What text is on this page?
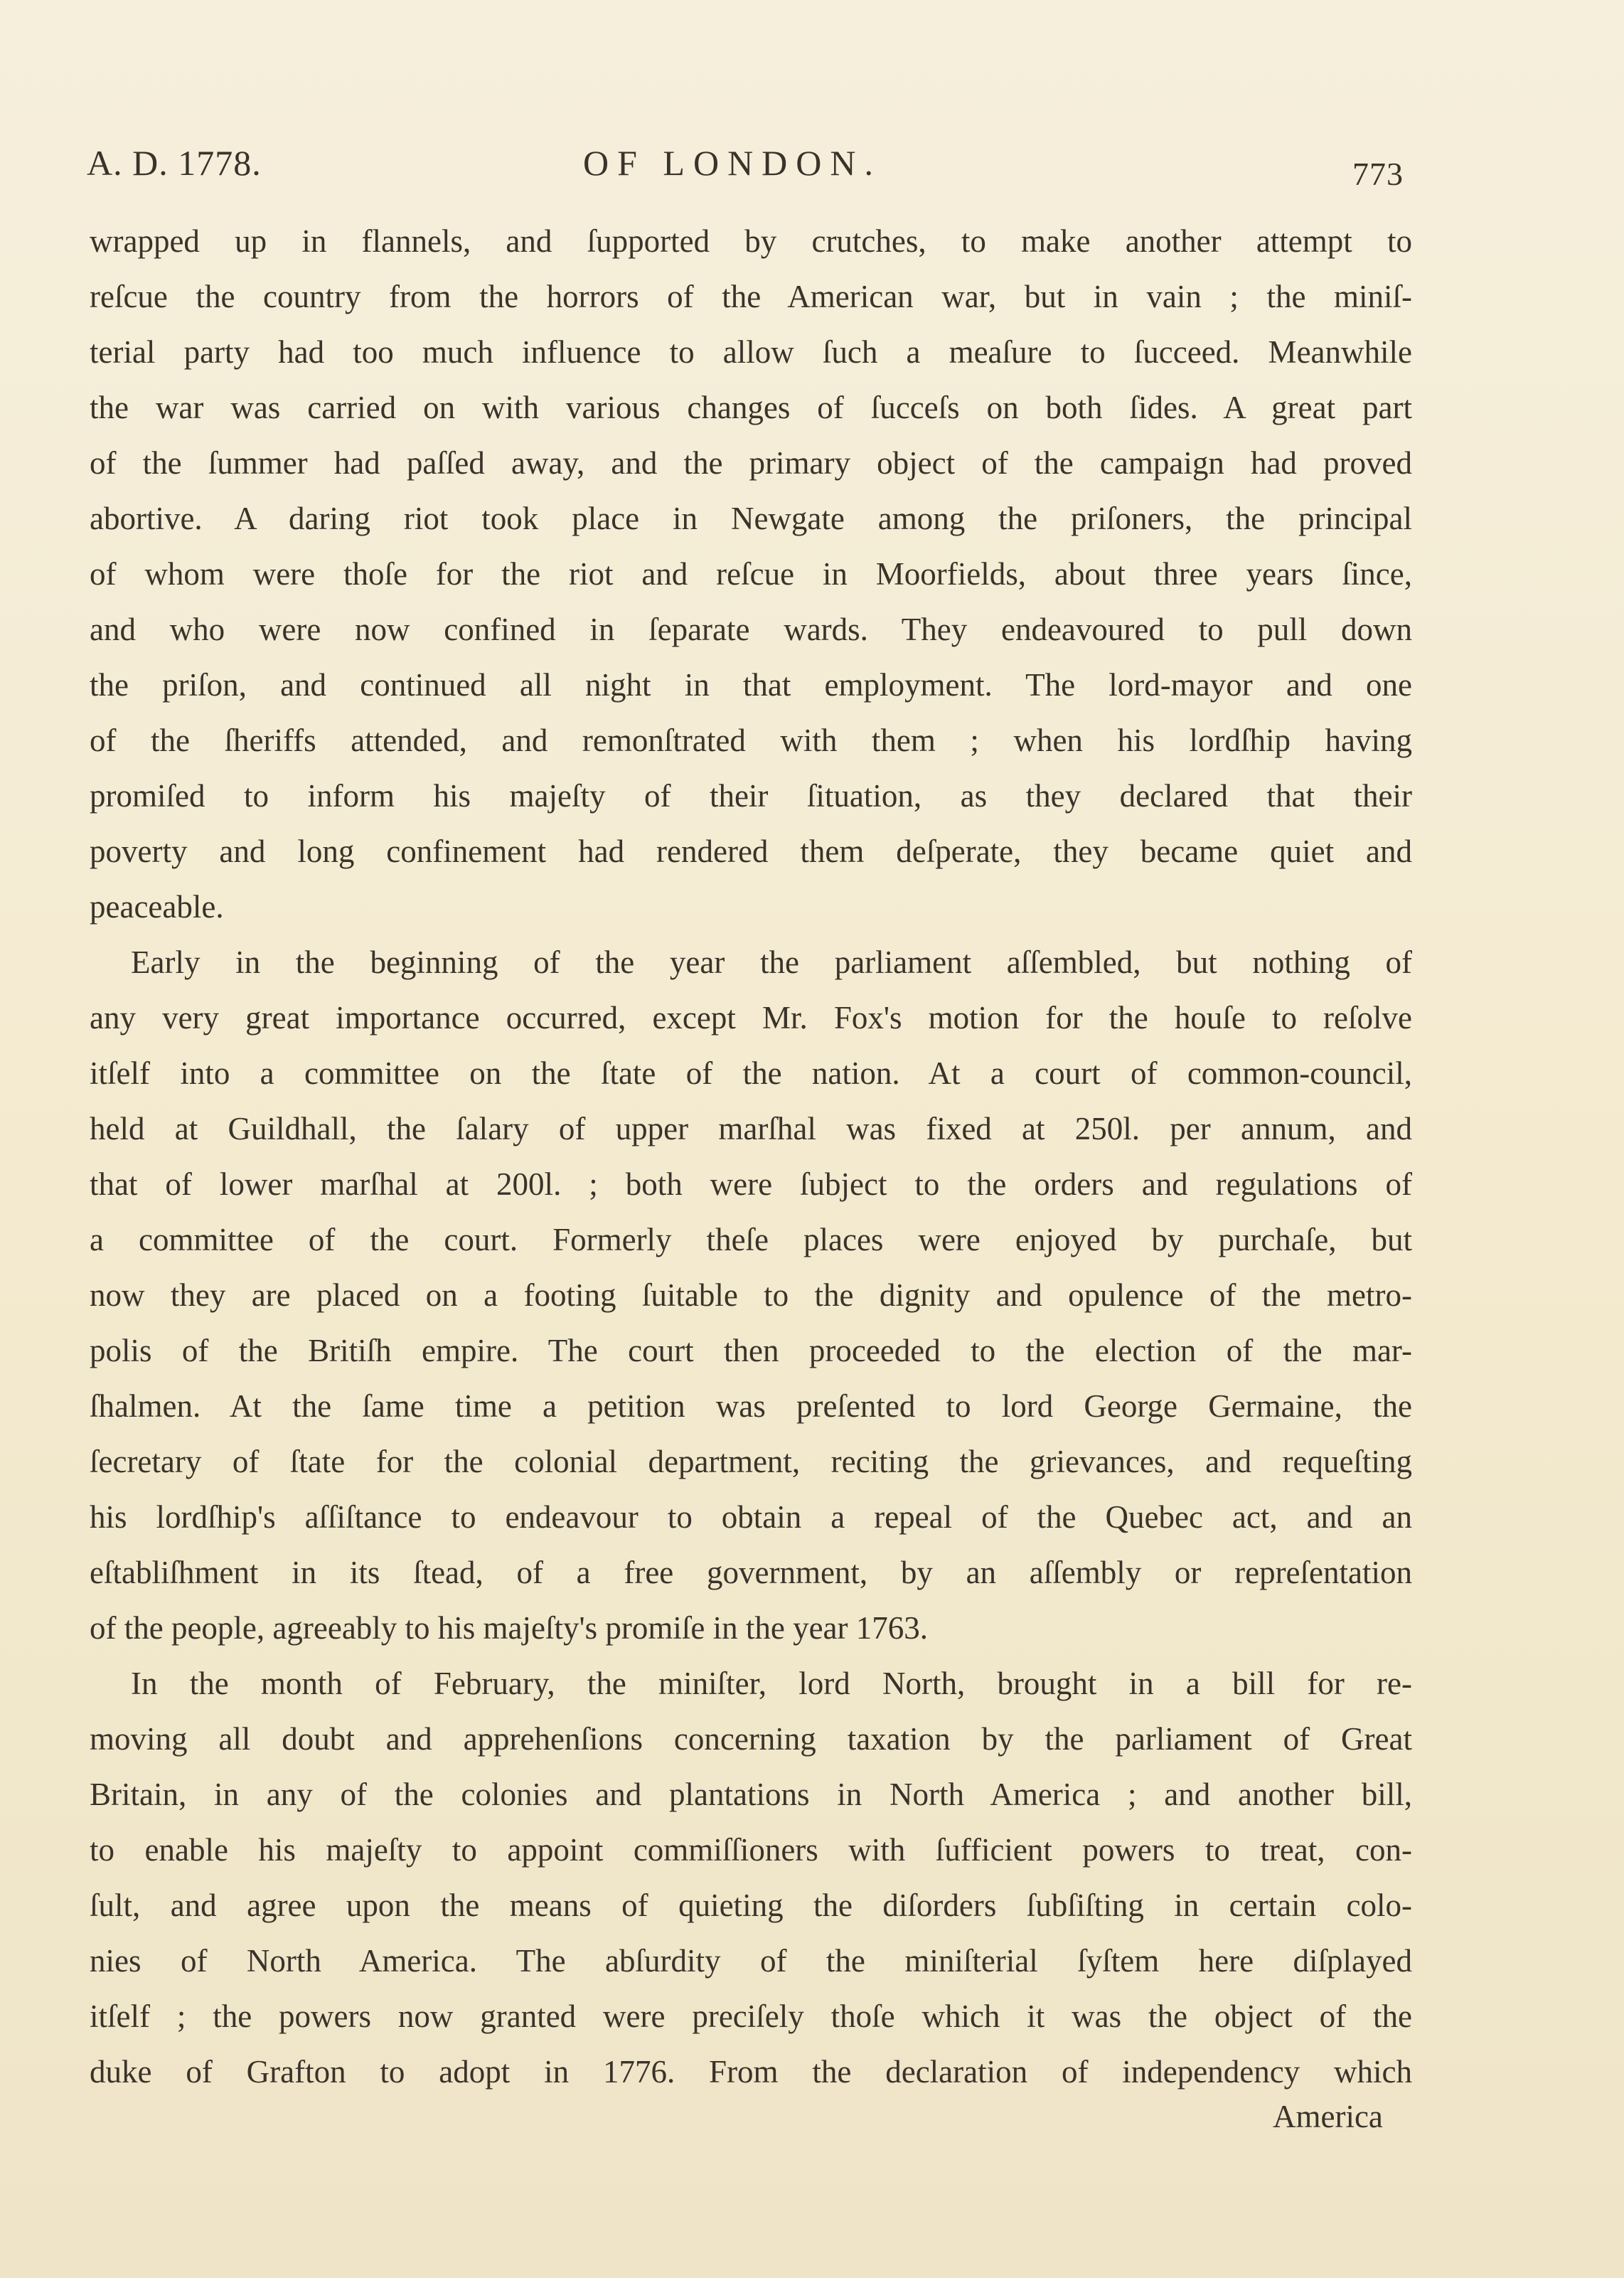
A. D. 1778.	OF LONDON.	773
wrapped up in flannels, and ſupported by crutches, to make another attempt to
reſcue the country from the horrors of the American war, but in vain ; the miniſ-
terial party had too much influence to allow ſuch a meaſure to ſucceed. Meanwhile
the war was carried on with various changes of ſucceſs on both ſides. A great part
of the ſummer had paſſed away, and the primary object of the campaign had proved
abortive. A daring riot took place in Newgate among the priſoners, the principal
of whom were thoſe for the riot and reſcue in Moorfields, about three years ſince,
and who were now confined in ſeparate wards. They endeavoured to pull down
the priſon, and continued all night in that employment. The lord-mayor and one
of the ſheriffs attended, and remonſtrated with them ; when his lordſhip having
promiſed to inform his majeſty of their ſituation, as they declared that their
poverty and long confinement had rendered them deſperate, they became quiet and
peaceable.
Early in the beginning of the year the parliament aſſembled, but nothing of
any very great importance occurred, except Mr. Fox's motion for the houſe to reſolve
itſelf into a committee on the ſtate of the nation. At a court of common-council,
held at Guildhall, the ſalary of upper marſhal was fixed at 250l. per annum, and
that of lower marſhal at 200l. ; both were ſubject to the orders and regulations of
a committee of the court. Formerly theſe places were enjoyed by purchaſe, but
now they are placed on a footing ſuitable to the dignity and opulence of the metro-
polis of the Britiſh empire. The court then proceeded to the election of the mar-
ſhalmen. At the ſame time a petition was preſented to lord George Germaine, the
ſecretary of ſtate for the colonial department, reciting the grievances, and requeſting
his lordſhip's aſſiſtance to endeavour to obtain a repeal of the Quebec act, and an
eſtabliſhment in its ſtead, of a free government, by an aſſembly or repreſentation
of the people, agreeably to his majeſty's promiſe in the year 1763.
In the month of February, the miniſter, lord North, brought in a bill for re-
moving all doubt and apprehenſions concerning taxation by the parliament of Great
Britain, in any of the colonies and plantations in North America ; and another bill,
to enable his majeſty to appoint commiſſioners with ſufficient powers to treat, con-
ſult, and agree upon the means of quieting the diſorders ſubſiſting in certain colo-
nies of North America. The abſurdity of the miniſterial ſyſtem here diſplayed
itſelf ; the powers now granted were preciſely thoſe which it was the object of the
duke of Grafton to adopt in 1776. From the declaration of independency which
America
